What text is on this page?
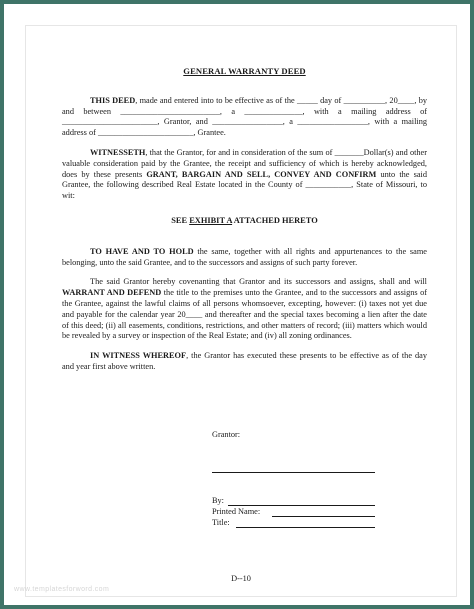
GENERAL WARRANTY DEED

THIS DEED, made and entered into to be effective as of the _____ day of __________, 20____, by and between ________________________, a ______________, with a mailing address of _______________________, Grantor, and _________________, a _________________, with a mailing address of _______________________, Grantee.

WITNESSETH, that the Grantor, for and in consideration of the sum of _______Dollar(s) and other valuable consideration paid by the Grantee, the receipt and sufficiency of which is hereby acknowledged, does by these presents GRANT, BARGAIN AND SELL, CONVEY AND CONFIRM unto the said Grantee, the following described Real Estate located in the County of ___________, State of Missouri, to wit:

SEE EXHIBIT A ATTACHED HERETO

TO HAVE AND TO HOLD the same, together with all rights and appurtenances to the same belonging, unto the said Grantee, and to the successors and assigns of such party forever.

The said Grantor hereby covenanting that Grantor and its successors and assigns, shall and will WARRANT AND DEFEND the title to the premises unto the Grantee, and to the successors and assigns of the Grantee, against the lawful claims of all persons whomsoever, excepting, however: (i) taxes not yet due and payable for the calendar year 20____ and thereafter and the special taxes becoming a lien after the date of this deed; (ii) all easements, conditions, restrictions, and other matters of record; (iii) matters which would be revealed by a survey or inspection of the Real Estate; and (iv) all zoning ordinances.

IN WITNESS WHEREOF, the Grantor has executed these presents to be effective as of the day and year first above written.

Grantor:
By:
Printed Name:
Title:
D--10
www.templatesforword.com
